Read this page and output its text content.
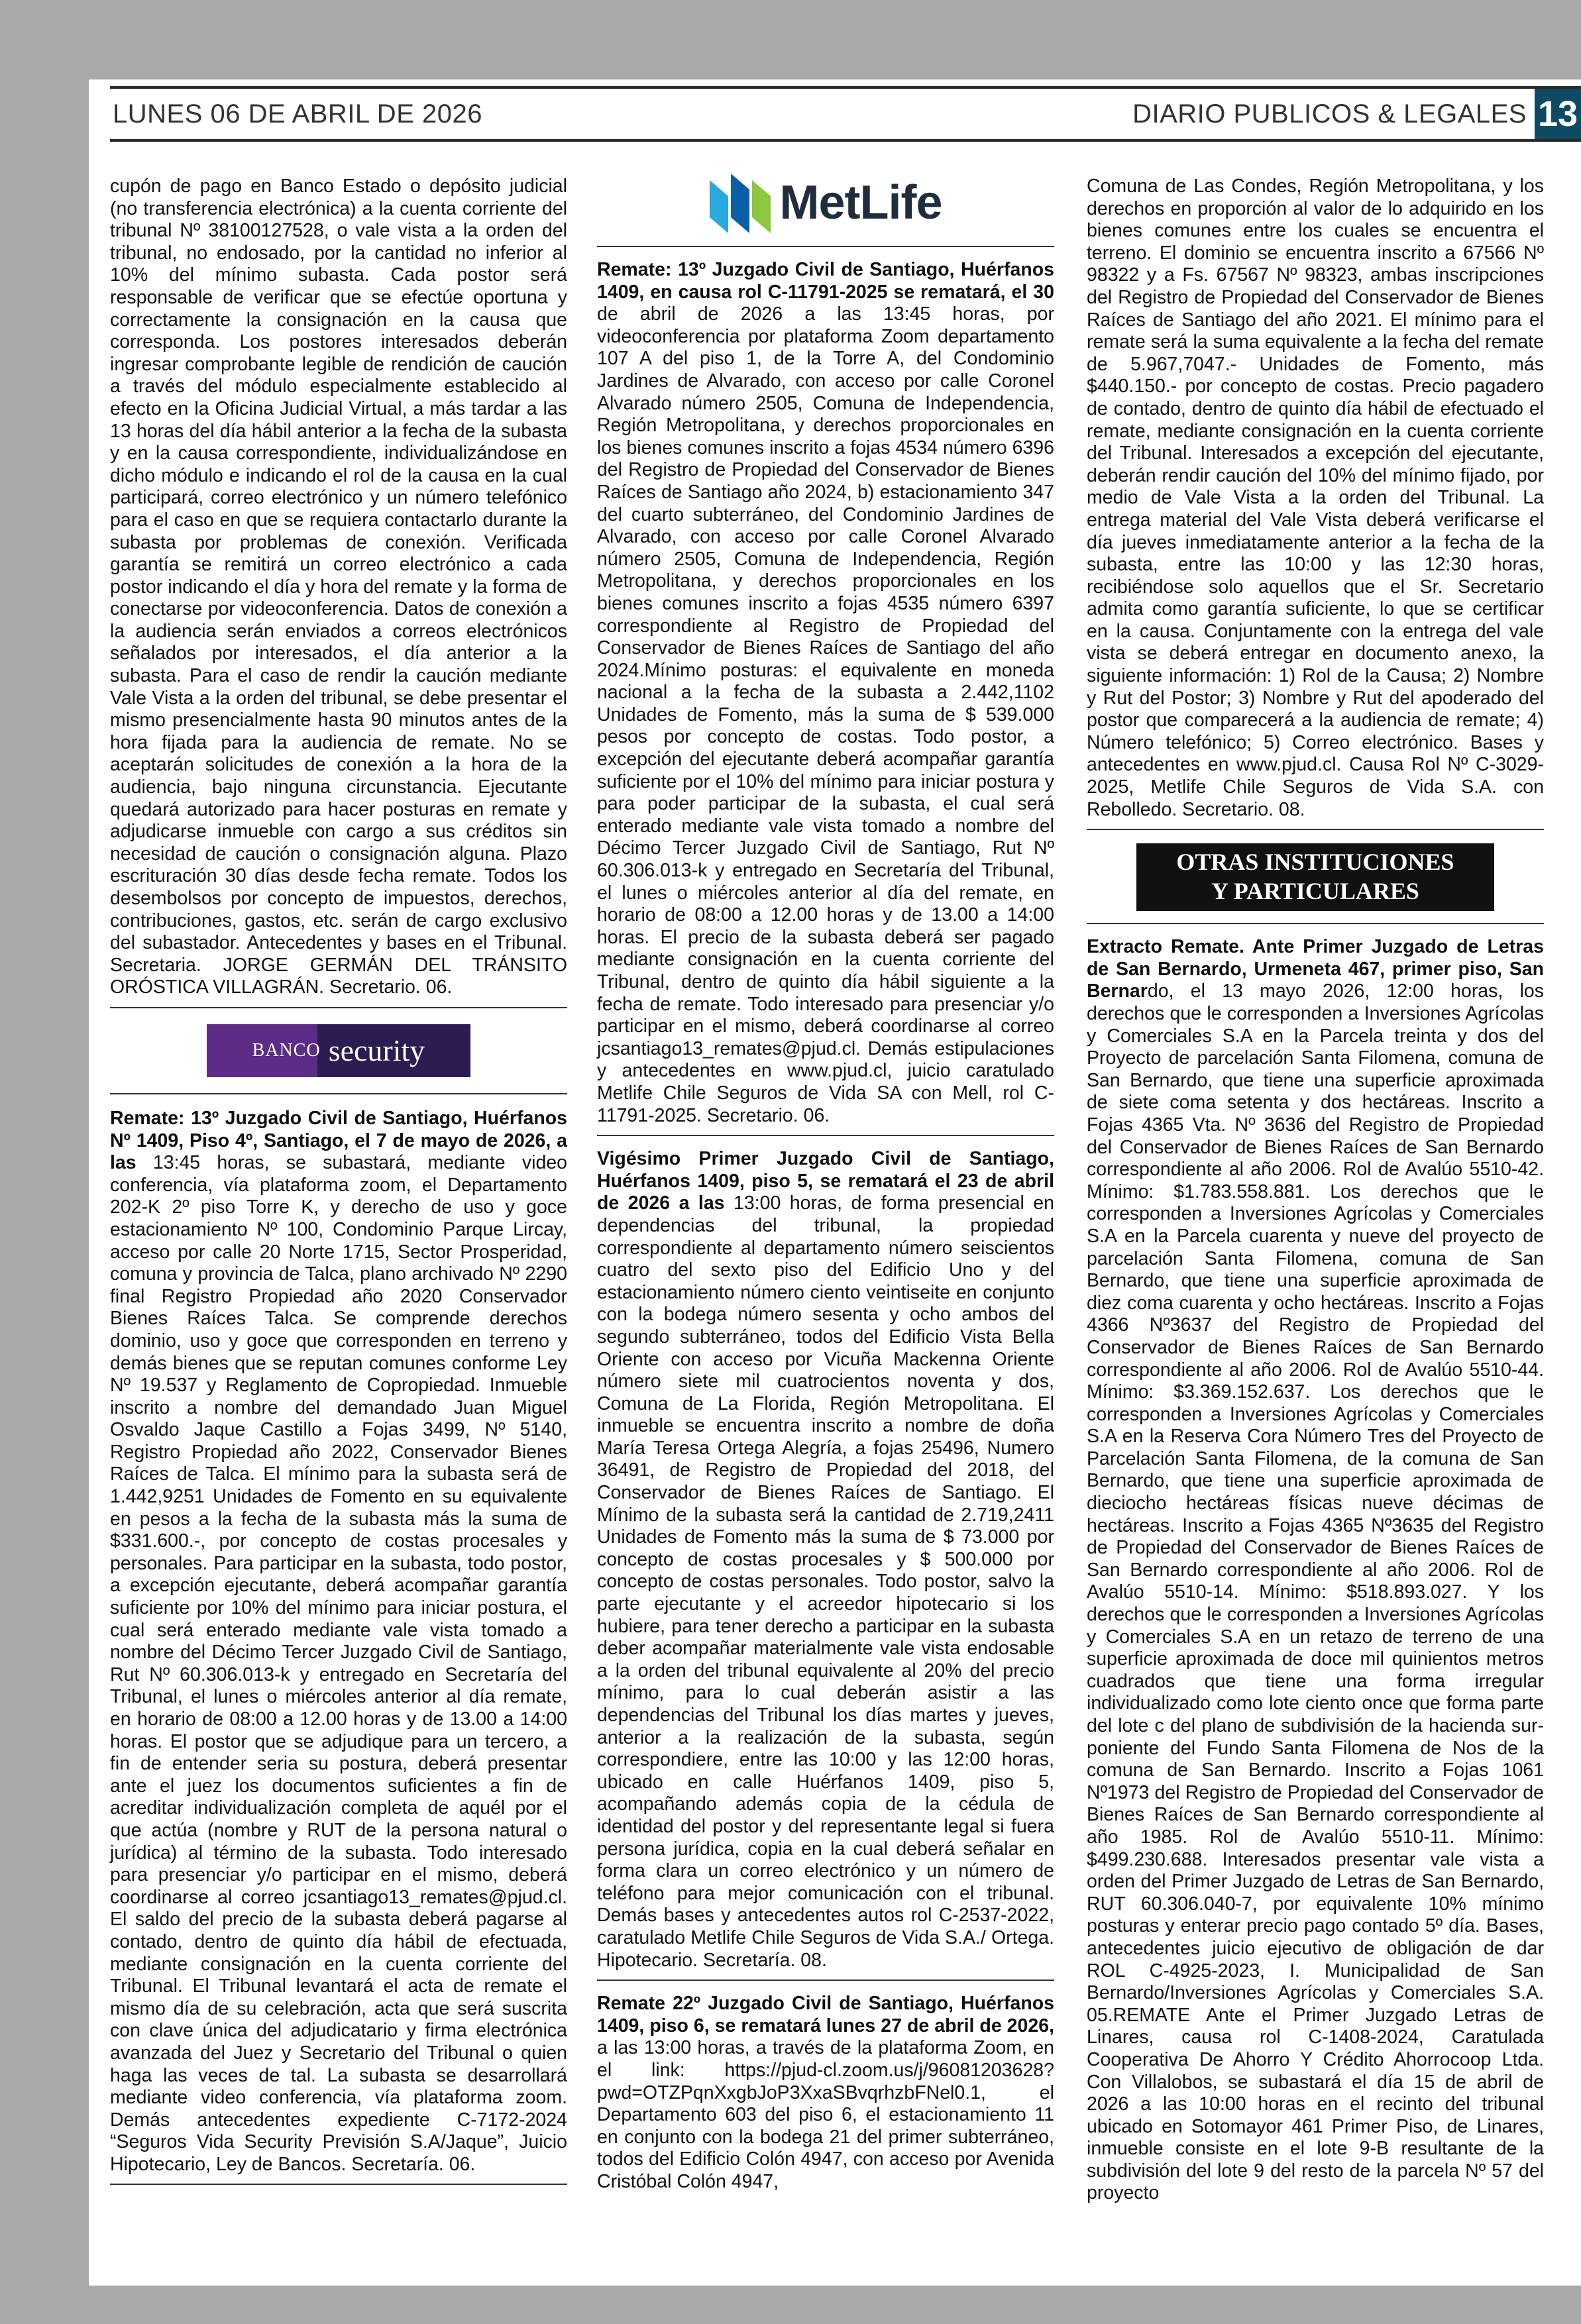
LUNES 06 DE ABRIL DE 2026	DIARIO PUBLICOS & LEGALES 13

cupón de pago en Banco Estado o depósito judicial (no transferencia electrónica) a la cuenta corriente del tribunal Nº 38100127528, o vale vista a la orden del tribunal, no endosado, por la cantidad no inferior al 10% del mínimo subasta. Cada postor será responsable de verificar que se efectúe oportuna y correctamente la consignación en la causa que corresponda. Los postores interesados deberán ingresar comprobante legible de rendición de caución a través del módulo especialmente establecido al efecto en la Oficina Judicial Virtual, a más tardar a las 13 horas del día hábil anterior a la fecha de la subasta y en la causa correspondiente, individualizándose en dicho módulo e indicando el rol de la causa en la cual participará, correo electrónico y un número telefónico para el caso en que se requiera contactarlo durante la subasta por problemas de conexión. Verificada garantía se remitirá un correo electrónico a cada postor indicando el día y hora del remate y la forma de conectarse por videoconferencia. Datos de conexión a la audiencia serán enviados a correos electrónicos señalados por interesados, el día anterior a la subasta. Para el caso de rendir la caución mediante Vale Vista a la orden del tribunal, se debe presentar el mismo presencialmente hasta 90 minutos antes de la hora fijada para la audiencia de remate. No se aceptarán solicitudes de conexión a la hora de la audiencia, bajo ninguna circunstancia. Ejecutante quedará autorizado para hacer posturas en remate y adjudicarse inmueble con cargo a sus créditos sin necesidad de caución o consignación alguna. Plazo escrituración 30 días desde fecha remate. Todos los desembolsos por concepto de impuestos, derechos, contribuciones, gastos, etc. serán de cargo exclusivo del subastador. Antecedentes y bases en el Tribunal. Secretaria. JORGE GERMÁN DEL TRÁNSITO ORÓSTICA VILLAGRÁN. Secretario. 06.

BANCO security

Remate: 13º Juzgado Civil de Santiago, Huérfanos Nº 1409, Piso 4º, Santiago, el 7 de mayo de 2026, a las 13:45 horas, se subastará, mediante video conferencia, vía plataforma zoom, el Departamento 202-K 2º piso Torre K, y derecho de uso y goce estacionamiento Nº 100, Condominio Parque Lircay, acceso por calle 20 Norte 1715, Sector Prosperidad, comuna y provincia de Talca, plano archivado Nº 2290 final Registro Propiedad año 2020 Conservador Bienes Raíces Talca. Se comprende derechos dominio, uso y goce que corresponden en terreno y demás bienes que se reputan comunes conforme Ley Nº 19.537 y Reglamento de Copropiedad. Inmueble inscrito a nombre del demandado Juan Miguel Osvaldo Jaque Castillo a Fojas 3499, Nº 5140, Registro Propiedad año 2022, Conservador Bienes Raíces de Talca. El mínimo para la subasta será de 1.442,9251 Unidades de Fomento en su equivalente en pesos a la fecha de la subasta más la suma de $331.600.-, por concepto de costas procesales y personales. Para participar en la subasta, todo postor, a excepción ejecutante, deberá acompañar garantía suficiente por 10% del mínimo para iniciar postura, el cual será enterado mediante vale vista tomado a nombre del Décimo Tercer Juzgado Civil de Santiago, Rut Nº 60.306.013-k y entregado en Secretaría del Tribunal, el lunes o miércoles anterior al día remate, en horario de 08:00 a 12.00 horas y de 13.00 a 14:00 horas. El postor que se adjudique para un tercero, a fin de entender seria su postura, deberá presentar ante el juez los documentos suficientes a fin de acreditar individualización completa de aquél por el que actúa (nombre y RUT de la persona natural o jurídica) al término de la subasta. Todo interesado para presenciar y/o participar en el mismo, deberá coordinarse al correo jcsantiago13_remates@pjud.cl. El saldo del precio de la subasta deberá pagarse al contado, dentro de quinto día hábil de efectuada, mediante consignación en la cuenta corriente del Tribunal. El Tribunal levantará el acta de remate el mismo día de su celebración, acta que será suscrita con clave única del adjudicatario y firma electrónica avanzada del Juez y Secretario del Tribunal o quien haga las veces de tal. La subasta se desarrollará mediante video conferencia, vía plataforma zoom. Demás antecedentes expediente C-7172-2024 “Seguros Vida Security Previsión S.A/Jaque”, Juicio Hipotecario, Ley de Bancos. Secretaría. 06.

MetLife

Remate: 13º Juzgado Civil de Santiago, Huérfanos 1409, en causa rol C-11791-2025 se rematará, el 30 de abril de 2026 a las 13:45 horas, por videoconferencia por plataforma Zoom departamento 107 A del piso 1, de la Torre A, del Condominio Jardines de Alvarado, con acceso por calle Coronel Alvarado número 2505, Comuna de Independencia, Región Metropolitana, y derechos proporcionales en los bienes comunes inscrito a fojas 4534 número 6396 del Registro de Propiedad del Conservador de Bienes Raíces de Santiago año 2024, b) estacionamiento 347 del cuarto subterráneo, del Condominio Jardines de Alvarado, con acceso por calle Coronel Alvarado número 2505, Comuna de Independencia, Región Metropolitana, y derechos proporcionales en los bienes comunes inscrito a fojas 4535 número 6397 correspondiente al Registro de Propiedad del Conservador de Bienes Raíces de Santiago del año 2024.Mínimo posturas: el equivalente en moneda nacional a la fecha de la subasta a 2.442,1102 Unidades de Fomento, más la suma de $ 539.000 pesos por concepto de costas. Todo postor, a excepción del ejecutante deberá acompañar garantía suficiente por el 10% del mínimo para iniciar postura y para poder participar de la subasta, el cual será enterado mediante vale vista tomado a nombre del Décimo Tercer Juzgado Civil de Santiago, Rut Nº 60.306.013-k y entregado en Secretaría del Tribunal, el lunes o miércoles anterior al día del remate, en horario de 08:00 a 12.00 horas y de 13.00 a 14:00 horas. El precio de la subasta deberá ser pagado mediante consignación en la cuenta corriente del Tribunal, dentro de quinto día hábil siguiente a la fecha de remate. Todo interesado para presenciar y/o participar en el mismo, deberá coordinarse al correo jcsantiago13_remates@pjud.cl. Demás estipulaciones y antecedentes en www.pjud.cl, juicio caratulado Metlife Chile Seguros de Vida SA con Mell, rol C-11791-2025. Secretario. 06.

Vigésimo Primer Juzgado Civil de Santiago, Huérfanos 1409, piso 5, se rematará el 23 de abril de 2026 a las 13:00 horas, de forma presencial en dependencias del tribunal, la propiedad correspondiente al departamento número seiscientos cuatro del sexto piso del Edificio Uno y del estacionamiento número ciento veintiseite en conjunto con la bodega número sesenta y ocho ambos del segundo subterráneo, todos del Edificio Vista Bella Oriente con acceso por Vicuña Mackenna Oriente número siete mil cuatrocientos noventa y dos, Comuna de La Florida, Región Metropolitana. El inmueble se encuentra inscrito a nombre de doña María Teresa Ortega Alegría, a fojas 25496, Numero 36491, de Registro de Propiedad del 2018, del Conservador de Bienes Raíces de Santiago. El Mínimo de la subasta será la cantidad de 2.719,2411 Unidades de Fomento más la suma de $ 73.000 por concepto de costas procesales y $ 500.000 por concepto de costas personales. Todo postor, salvo la parte ejecutante y el acreedor hipotecario si los hubiere, para tener derecho a participar en la subasta deber acompañar materialmente vale vista endosable a la orden del tribunal equivalente al 20% del precio mínimo, para lo cual deberán asistir a las dependencias del Tribunal los días martes y jueves, anterior a la realización de la subasta, según correspondiere, entre las 10:00 y las 12:00 horas, ubicado en calle Huérfanos 1409, piso 5, acompañando además copia de la cédula de identidad del postor y del representante legal si fuera persona jurídica, copia en la cual deberá señalar en forma clara un correo electrónico y un número de teléfono para mejor comunicación con el tribunal. Demás bases y antecedentes autos rol C-2537-2022, caratulado Metlife Chile Seguros de Vida S.A./ Ortega. Hipotecario. Secretaría. 08.

Remate 22º Juzgado Civil de Santiago, Huérfanos 1409, piso 6, se rematará lunes 27 de abril de 2026, a las 13:00 horas, a través de la plataforma Zoom, en el link: https://pjud-cl.zoom.us/j/96081203628?pwd=OTZPqnXxgbJoP3XxaSBvqrhzbFNel0.1, el Departamento 603 del piso 6, el estacionamiento 11 en conjunto con la bodega 21 del primer subterráneo, todos del Edificio Colón 4947, con acceso por Avenida Cristóbal Colón 4947,

Comuna de Las Condes, Región Metropolitana, y los derechos en proporción al valor de lo adquirido en los bienes comunes entre los cuales se encuentra el terreno. El dominio se encuentra inscrito a 67566 Nº 98322 y a Fs. 67567 Nº 98323, ambas inscripciones del Registro de Propiedad del Conservador de Bienes Raíces de Santiago del año 2021. El mínimo para el remate será la suma equivalente a la fecha del remate de 5.967,7047.- Unidades de Fomento, más $440.150.- por concepto de costas. Precio pagadero de contado, dentro de quinto día hábil de efectuado el remate, mediante consignación en la cuenta corriente del Tribunal. Interesados a excepción del ejecutante, deberán rendir caución del 10% del mínimo fijado, por medio de Vale Vista a la orden del Tribunal. La entrega material del Vale Vista deberá verificarse el día jueves inmediatamente anterior a la fecha de la subasta, entre las 10:00 y las 12:30 horas, recibiéndose solo aquellos que el Sr. Secretario admita como garantía suficiente, lo que se certificar en la causa. Conjuntamente con la entrega del vale vista se deberá entregar en documento anexo, la siguiente información: 1) Rol de la Causa; 2) Nombre y Rut del Postor; 3) Nombre y Rut del apoderado del postor que comparecerá a la audiencia de remate; 4) Número telefónico; 5) Correo electrónico. Bases y antecedentes en www.pjud.cl. Causa Rol Nº C-3029-2025, Metlife Chile Seguros de Vida S.A. con Rebolledo. Secretario. 08.

OTRAS INSTITUCIONES
Y PARTICULARES

Extracto Remate. Ante Primer Juzgado de Letras de San Bernardo, Urmeneta 467, primer piso, San Bernardo, el 13 mayo 2026, 12:00 horas, los derechos que le corresponden a Inversiones Agrícolas y Comerciales S.A en la Parcela treinta y dos del Proyecto de parcelación Santa Filomena, comuna de San Bernardo, que tiene una superficie aproximada de siete coma setenta y dos hectáreas. Inscrito a Fojas 4365 Vta. Nº 3636 del Registro de Propiedad del Conservador de Bienes Raíces de San Bernardo correspondiente al año 2006. Rol de Avalúo 5510-42. Mínimo: $1.783.558.881. Los derechos que le corresponden a Inversiones Agrícolas y Comerciales S.A en la Parcela cuarenta y nueve del proyecto de parcelación Santa Filomena, comuna de San Bernardo, que tiene una superficie aproximada de diez coma cuarenta y ocho hectáreas. Inscrito a Fojas 4366 Nº3637 del Registro de Propiedad del Conservador de Bienes Raíces de San Bernardo correspondiente al año 2006. Rol de Avalúo 5510-44. Mínimo: $3.369.152.637. Los derechos que le corresponden a Inversiones Agrícolas y Comerciales S.A en la Reserva Cora Número Tres del Proyecto de Parcelación Santa Filomena, de la comuna de San Bernardo, que tiene una superficie aproximada de dieciocho hectáreas físicas nueve décimas de hectáreas. Inscrito a Fojas 4365 Nº3635 del Registro de Propiedad del Conservador de Bienes Raíces de San Bernardo correspondiente al año 2006. Rol de Avalúo 5510-14. Mínimo: $518.893.027. Y los derechos que le corresponden a Inversiones Agrícolas y Comerciales S.A en un retazo de terreno de una superficie aproximada de doce mil quinientos metros cuadrados que tiene una forma irregular individualizado como lote ciento once que forma parte del lote c del plano de subdivisión de la hacienda sur-poniente del Fundo Santa Filomena de Nos de la comuna de San Bernardo. Inscrito a Fojas 1061 Nº1973 del Registro de Propiedad del Conservador de Bienes Raíces de San Bernardo correspondiente al año 1985. Rol de Avalúo 5510-11. Mínimo: $499.230.688. Interesados presentar vale vista a orden del Primer Juzgado de Letras de San Bernardo, RUT 60.306.040-7, por equivalente 10% mínimo posturas y enterar precio pago contado 5º día. Bases, antecedentes juicio ejecutivo de obligación de dar ROL C-4925-2023, I. Municipalidad de San Bernardo/Inversiones Agrícolas y Comerciales S.A. 05.REMATE Ante el Primer Juzgado Letras de Linares, causa rol C-1408-2024, Caratulada Cooperativa De Ahorro Y Crédito Ahorrocoop Ltda. Con Villalobos, se subastará el día 15 de abril de 2026 a las 10:00 horas en el recinto del tribunal ubicado en Sotomayor 461 Primer Piso, de Linares, inmueble consiste en el lote 9-B resultante de la subdivisión del lote 9 del resto de la parcela Nº 57 del proyecto
